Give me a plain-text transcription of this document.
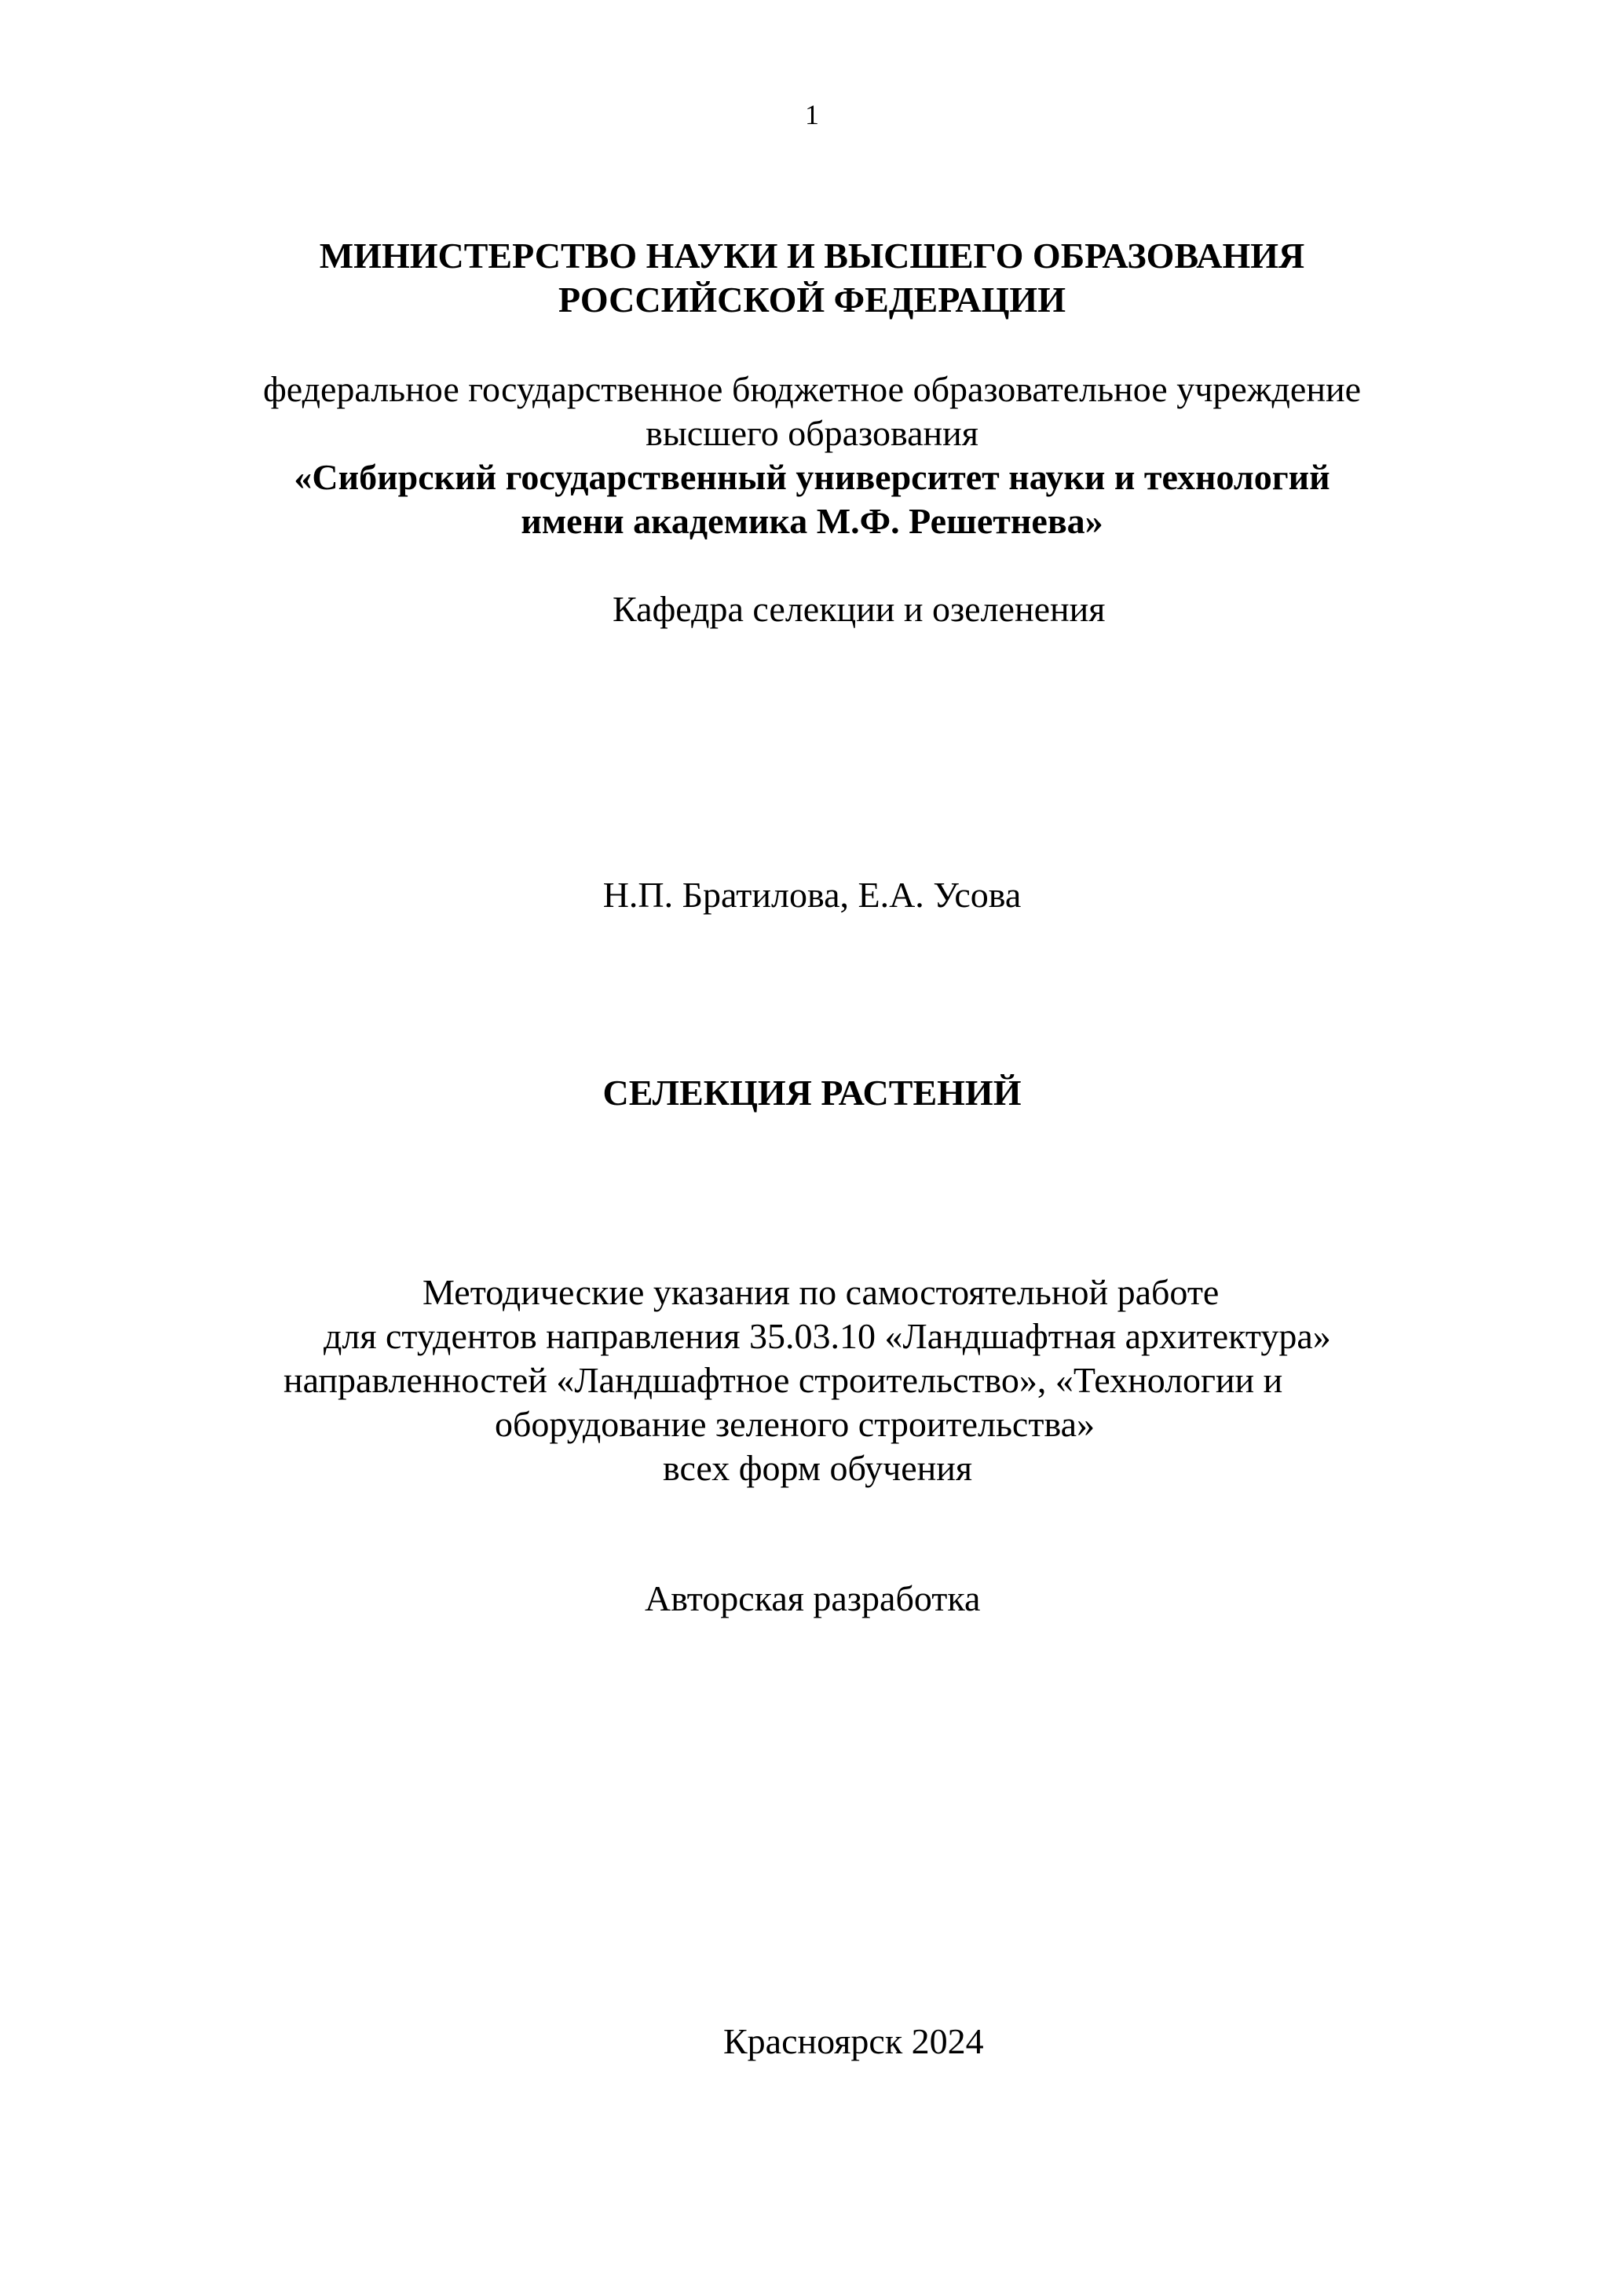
1
МИНИСТЕРСТВО НАУКИ И ВЫСШЕГО ОБРАЗОВАНИЯ
РОССИЙСКОЙ ФЕДЕРАЦИИ
федеральное государственное бюджетное образовательное учреждение
высшего образования
«Сибирский государственный университет науки и технологий
имени академика М.Ф. Решетнева»
Кафедра селекции и озеленения
Н.П. Братилова, Е.А. Усова
СЕЛЕКЦИЯ РАСТЕНИЙ
Методические указания по самостоятельной работе
для студентов направления 35.03.10 «Ландшафтная архитектура»
направленностей «Ландшафтное строительство», «Технологии и
оборудование зеленого строительства»
всех форм обучения
Авторская разработка
Красноярск 2024
